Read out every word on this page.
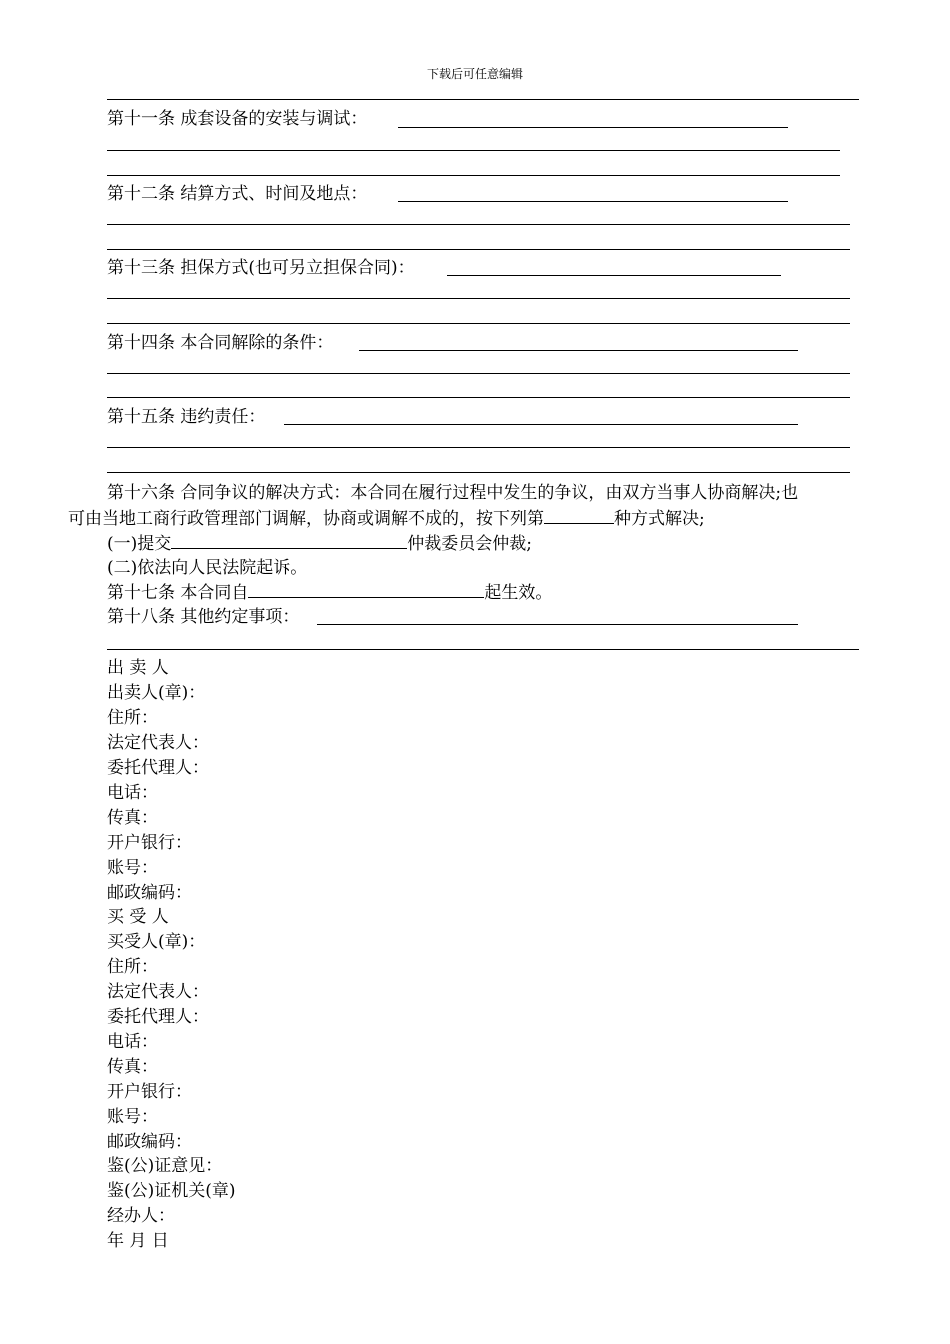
下载后可任意编辑
第十一条 成套设备的安装与调试：
第十二条 结算方式、时间及地点：
第十三条 担保方式(也可另立担保合同)：
第十四条 本合同解除的条件：
第十五条 违约责任：
第十六条 合同争议的解决方式：本合同在履行过程中发生的争议，由双方当事人协商解决;也
可由当地工商行政管理部门调解，协商或调解不成的，按下列第	种方式解决;
(一)提交	仲裁委员会仲裁;
(二)依法向人民法院起诉。
第十七条 本合同自	起生效。
第十八条 其他约定事项：
出 卖 人
出卖人(章)：
住所：
法定代表人：
委托代理人：
电话：
传真：
开户银行：
账号：
邮政编码：
买 受 人
买受人(章)：
住所：
法定代表人：
委托代理人：
电话：
传真：
开户银行：
账号：
邮政编码：
鉴(公)证意见：
鉴(公)证机关(章)
经办人：
年 月 日
